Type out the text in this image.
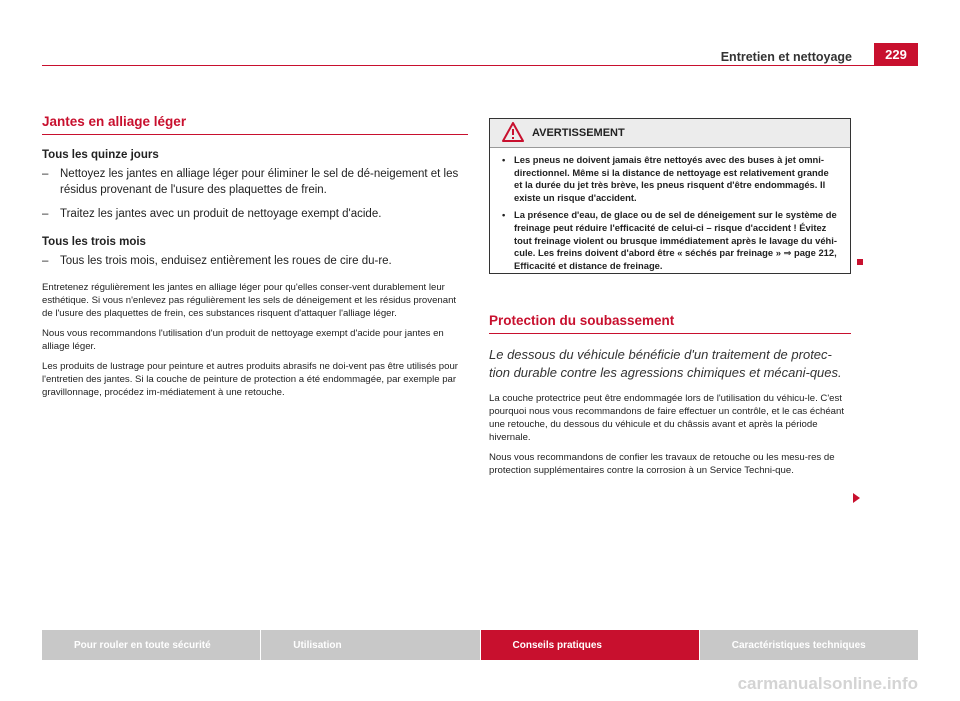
Entretien et nettoyage	229
Jantes en alliage léger
Tous les quinze jours
– Nettoyez les jantes en alliage léger pour éliminer le sel de dé-neigement et les résidus provenant de l'usure des plaquettes de frein.
– Traitez les jantes avec un produit de nettoyage exempt d'acide.
Tous les trois mois
– Tous les trois mois, enduisez entièrement les roues de cire du-re.

Entretenez régulièrement les jantes en alliage léger pour qu'elles conser-vent durablement leur esthétique. Si vous n'enlevez pas régulièrement les sels de déneigement et les résidus provenant de l'usure des plaquettes de frein, ces substances risquent d'attaquer l'alliage léger.

Nous vous recommandons l'utilisation d'un produit de nettoyage exempt d'acide pour jantes en alliage léger.

Les produits de lustrage pour peinture et autres produits abrasifs ne doi-vent pas être utilisés pour l'entretien des jantes. Si la couche de peinture de protection a été endommagée, par exemple par gravillonnage, procédez im-médiatement à une retouche.

AVERTISSEMENT
• Les pneus ne doivent jamais être nettoyés avec des buses à jet omni-directionnel. Même si la distance de nettoyage est relativement grande et la durée du jet très brève, les pneus risquent d'être endommagés. Il existe un risque d'accident.
• La présence d'eau, de glace ou de sel de déneigement sur le système de freinage peut réduire l'efficacité de celui-ci – risque d'accident ! Évitez tout freinage violent ou brusque immédiatement après le lavage du véhi-cule. Les freins doivent d'abord être « séchés par freinage » ⇒ page 212, Efficacité et distance de freinage.
Protection du soubassement

Le dessous du véhicule bénéficie d'un traitement de protec-tion durable contre les agressions chimiques et mécani-ques.

La couche protectrice peut être endommagée lors de l'utilisation du véhicu-le. C'est pourquoi nous vous recommandons de faire effectuer un contrôle, et le cas échéant une retouche, du dessous du véhicule et du châssis avant et après la période hivernale.

Nous vous recommandons de confier les travaux de retouche ou les mesu-res de protection supplémentaires contre la corrosion à un Service Techni-que.

Pour rouler en toute sécurité	Utilisation	Conseils pratiques	Caractéristiques techniques
carmanualsonline.info
